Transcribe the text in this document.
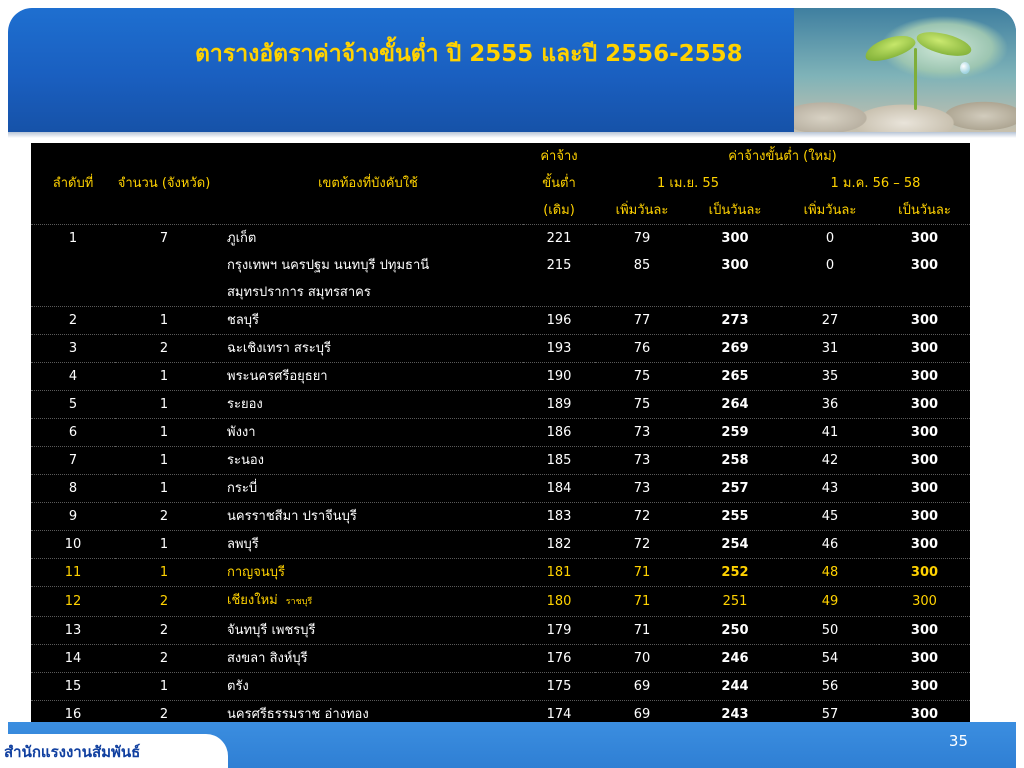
ตารางอัตราค่าจ้างขั้นต่ำ ปี 2555 และปี 2556-2558
ลำดับที่	จำนวน (จังหวัด)	เขตท้องที่บังคับใช้	ค่าจ้าง	ค่าจ้างขั้นต่ำ (ใหม่)			
			ขั้นต่ำ	1 เม.ย. 55		1 ม.ค. 56 – 58	
			(เดิม)	เพิ่มวันละ	เป็นวันละ	เพิ่มวันละ	เป็นวันละ
1	7	ภูเก็ต	221	79	300	0	300
		กรุงเทพฯ นครปฐม นนทบุรี ปทุมธานี	215	85	300	0	300
		สมุทรปราการ สมุทรสาคร					
2	1	ชลบุรี	196	77	273	27	300
3	2	ฉะเชิงเทรา สระบุรี	193	76	269	31	300
4	1	พระนครศรีอยุธยา	190	75	265	35	300
5	1	ระยอง	189	75	264	36	300
6	1	พังงา	186	73	259	41	300
7	1	ระนอง	185	73	258	42	300
8	1	กระบี่	184	73	257	43	300
9	2	นครราชสีมา ปราจีนบุรี	183	72	255	45	300
10	1	ลพบุรี	182	72	254	46	300
11	1	กาญจนบุรี	181	71	252	48	300
12	2	เชียงใหม่ ราชบุรี	180	71	251	49	300
13	2	จันทบุรี เพชรบุรี	179	71	250	50	300
14	2	สงขลา สิงห์บุรี	176	70	246	54	300
15	1	ตรัง	175	69	244	56	300
16	2	นครศรีธรรมราช อ่างทอง	174	69	243	57	300
สำนักแรงงานสัมพันธ์
35
